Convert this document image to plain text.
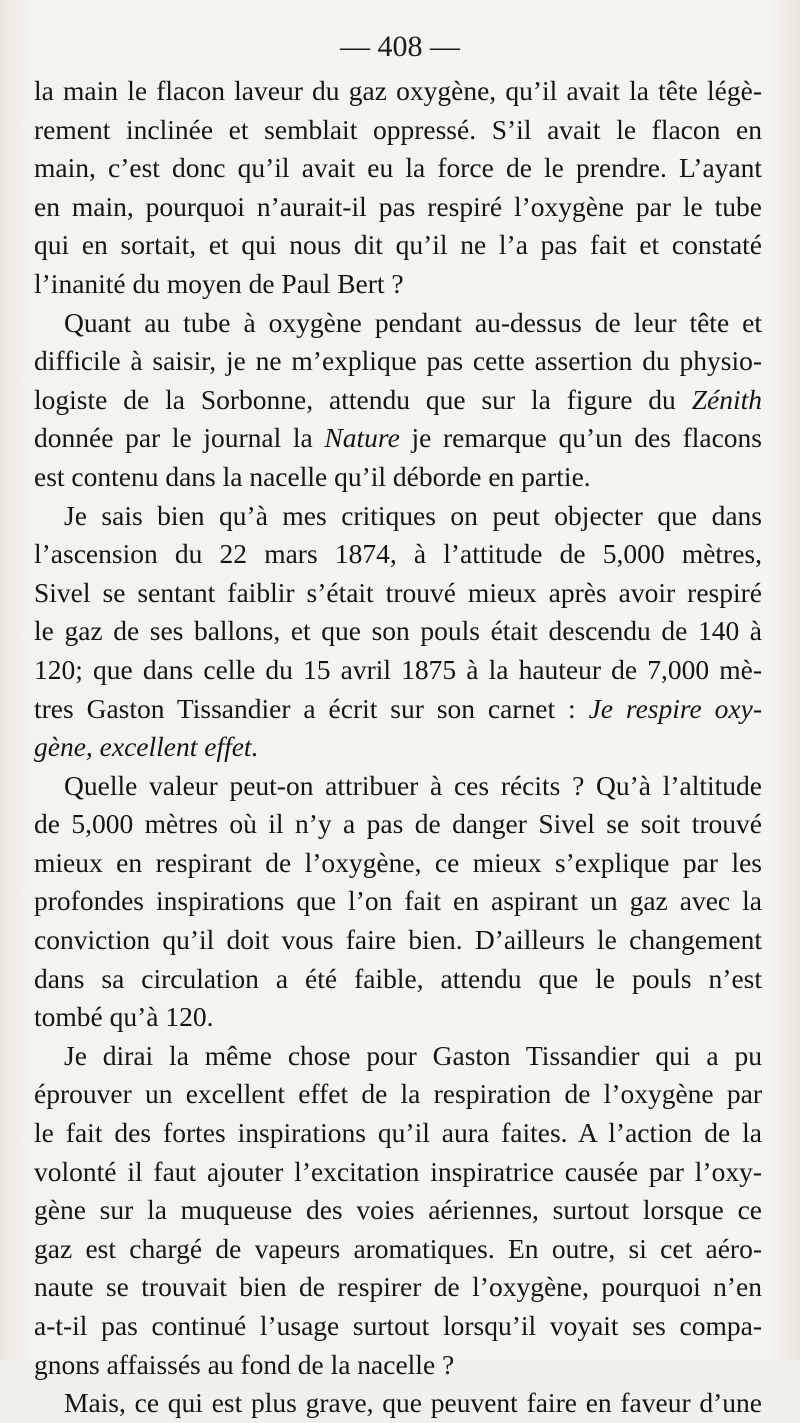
— 408 —
la main le flacon laveur du gaz oxygène, qu’il avait la tête légè-
rement inclinée et semblait oppressé. S’il avait le flacon en
main, c’est donc qu’il avait eu la force de le prendre. L’ayant
en main, pourquoi n’aurait-il pas respiré l’oxygène par le tube
qui en sortait, et qui nous dit qu’il ne l’a pas fait et constaté
l’inanité du moyen de Paul Bert ?
Quant au tube à oxygène pendant au-dessus de leur tête et
difficile à saisir, je ne m’explique pas cette assertion du physio-
logiste de la Sorbonne, attendu que sur la figure du Zénith
donnée par le journal la Nature je remarque qu’un des flacons
est contenu dans la nacelle qu’il déborde en partie.
Je sais bien qu’à mes critiques on peut objecter que dans
l’ascension du 22 mars 1874, à l’attitude de 5,000 mètres,
Sivel se sentant faiblir s’était trouvé mieux après avoir respiré
le gaz de ses ballons, et que son pouls était descendu de 140 à
120; que dans celle du 15 avril 1875 à la hauteur de 7,000 mè-
tres Gaston Tissandier a écrit sur son carnet : Je respire oxy-
gène, excellent effet.
Quelle valeur peut-on attribuer à ces récits ? Qu’à l’altitude
de 5,000 mètres où il n’y a pas de danger Sivel se soit trouvé
mieux en respirant de l’oxygène, ce mieux s’explique par les
profondes inspirations que l’on fait en aspirant un gaz avec la
conviction qu’il doit vous faire bien. D’ailleurs le changement
dans sa circulation a été faible, attendu que le pouls n’est
tombé qu’à 120.
Je dirai la même chose pour Gaston Tissandier qui a pu
éprouver un excellent effet de la respiration de l’oxygène par
le fait des fortes inspirations qu’il aura faites. A l’action de la
volonté il faut ajouter l’excitation inspiratrice causée par l’oxy-
gène sur la muqueuse des voies aériennes, surtout lorsque ce
gaz est chargé de vapeurs aromatiques. En outre, si cet aéro-
naute se trouvait bien de respirer de l’oxygène, pourquoi n’en
a-t-il pas continué l’usage surtout lorsqu’il voyait ses compa-
gnons affaissés au fond de la nacelle ?
Mais, ce qui est plus grave, que peuvent faire en faveur d’une
